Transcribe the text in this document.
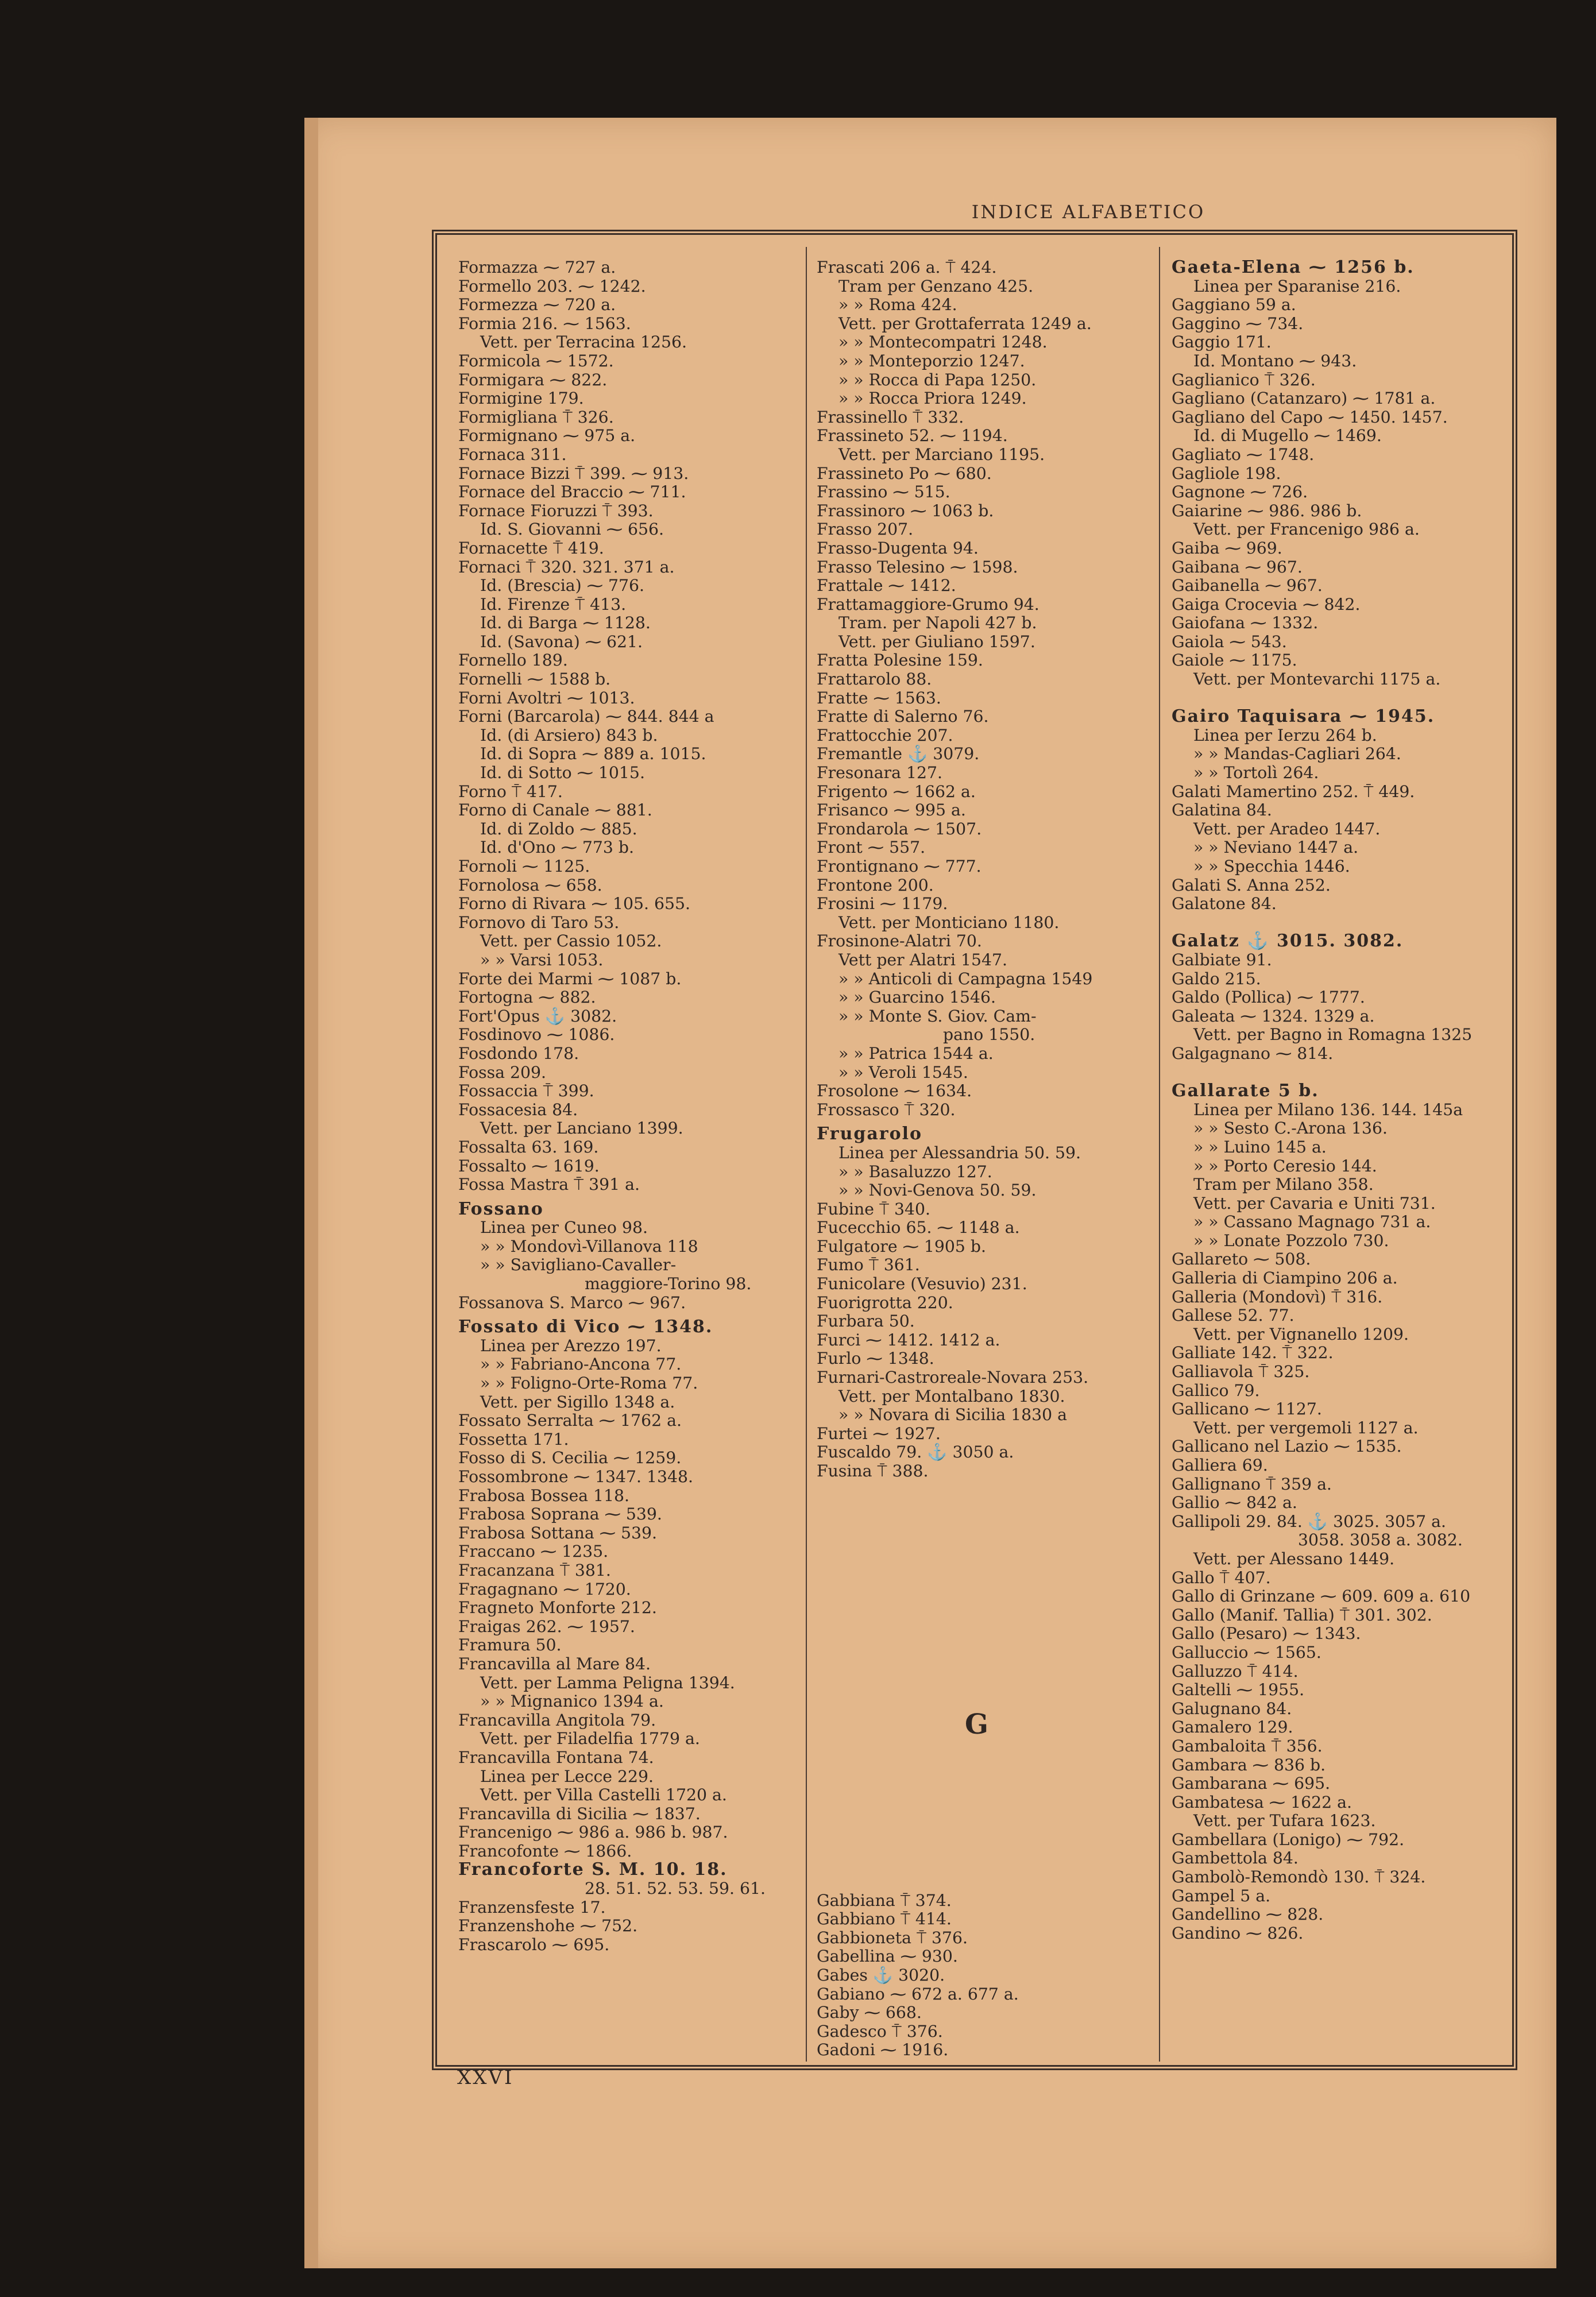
INDICE ALFABETICO
Formazza ⁓ 727 a.
Formello 203. ⁓ 1242.
Formezza ⁓ 720 a.
Formia 216. ⁓ 1563.
Vett. per Terracina 1256.
Formicola ⁓ 1572.
Formigara ⁓ 822.
Formigine 179.
Formigliana ⍑ 326.
Formignano ⁓ 975 a.
Fornaca 311.
Fornace Bizzi ⍑ 399. ⁓ 913.
Fornace del Braccio ⁓ 711.
Fornace Fioruzzi ⍑ 393.
Id. S. Giovanni ⁓ 656.
Fornacette ⍑ 419.
Fornaci ⍑ 320. 321. 371 a.
Id. (Brescia) ⁓ 776.
Id. Firenze ⍑ 413.
Id. di Barga ⁓ 1128.
Id. (Savona) ⁓ 621.
Fornello 189.
Fornelli ⁓ 1588 b.
Forni Avoltri ⁓ 1013.
Forni (Barcarola) ⁓ 844. 844 a
Id. (di Arsiero) 843 b.
Id. di Sopra ⁓ 889 a. 1015.
Id. di Sotto ⁓ 1015.
Forno ⍑ 417.
Forno di Canale ⁓ 881.
Id. di Zoldo ⁓ 885.
Id. d'Ono ⁓ 773 b.
Fornoli ⁓ 1125.
Fornolosa ⁓ 658.
Forno di Rivara ⁓ 105. 655.
Fornovo di Taro 53.
Vett. per Cassio 1052.
» » Varsi 1053.
Forte dei Marmi ⁓ 1087 b.
Fortogna ⁓ 882.
Fort'Opus ⚓ 3082.
Fosdinovo ⁓ 1086.
Fosdondo 178.
Fossa 209.
Fossaccia ⍑ 399.
Fossacesia 84.
Vett. per Lanciano 1399.
Fossalta 63. 169.
Fossalto ⁓ 1619.
Fossa Mastra ⍑ 391 a.
Fossano
Linea per Cuneo 98.
» » Mondovì-Villanova 118
» » Savigliano-Cavaller-
maggiore-Torino 98.
Fossanova S. Marco ⁓ 967.
Fossato di Vico ⁓ 1348.
Linea per Arezzo 197.
» » Fabriano-Ancona 77.
» » Foligno-Orte-Roma 77.
Vett. per Sigillo 1348 a.
Fossato Serralta ⁓ 1762 a.
Fossetta 171.
Fosso di S. Cecilia ⁓ 1259.
Fossombrone ⁓ 1347. 1348.
Frabosa Bossea 118.
Frabosa Soprana ⁓ 539.
Frabosa Sottana ⁓ 539.
Fraccano ⁓ 1235.
Fracanzana ⍑ 381.
Fragagnano ⁓ 1720.
Fragneto Monforte 212.
Fraigas 262. ⁓ 1957.
Framura 50.
Francavilla al Mare 84.
Vett. per Lamma Peligna 1394.
» » Mignanico 1394 a.
Francavilla Angitola 79.
Vett. per Filadelfia 1779 a.
Francavilla Fontana 74.
Linea per Lecce 229.
Vett. per Villa Castelli 1720 a.
Francavilla di Sicilia ⁓ 1837.
Francenigo ⁓ 986 a. 986 b. 987.
Francofonte ⁓ 1866.
Francoforte S. M. 10. 18.
28. 51. 52. 53. 59. 61.
Franzensfeste 17.
Franzenshohe ⁓ 752.
Frascarolo ⁓ 695.
Frascati 206 a. ⍑ 424.
Tram per Genzano 425.
» » Roma 424.
Vett. per Grottaferrata 1249 a.
» » Montecompatri 1248.
» » Monteporzio 1247.
» » Rocca di Papa 1250.
» » Rocca Priora 1249.
Frassinello ⍑ 332.
Frassineto 52. ⁓ 1194.
Vett. per Marciano 1195.
Frassineto Po ⁓ 680.
Frassino ⁓ 515.
Frassinoro ⁓ 1063 b.
Frasso 207.
Frasso-Dugenta 94.
Frasso Telesino ⁓ 1598.
Frattale ⁓ 1412.
Frattamaggiore-Grumo 94.
Tram. per Napoli 427 b.
Vett. per Giuliano 1597.
Fratta Polesine 159.
Frattarolo 88.
Fratte ⁓ 1563.
Fratte di Salerno 76.
Frattocchie 207.
Fremantle ⚓ 3079.
Fresonara 127.
Frigento ⁓ 1662 a.
Frisanco ⁓ 995 a.
Frondarola ⁓ 1507.
Front ⁓ 557.
Frontignano ⁓ 777.
Frontone 200.
Frosini ⁓ 1179.
Vett. per Monticiano 1180.
Frosinone-Alatri 70.
Vett per Alatri 1547.
» » Anticoli di Campagna 1549
» » Guarcino 1546.
» » Monte S. Giov. Cam-
pano 1550.
» » Patrica 1544 a.
» » Veroli 1545.
Frosolone ⁓ 1634.
Frossasco ⍑ 320.
Frugarolo
Linea per Alessandria 50. 59.
» » Basaluzzo 127.
» » Novi-Genova 50. 59.
Fubine ⍑ 340.
Fucecchio 65. ⁓ 1148 a.
Fulgatore ⁓ 1905 b.
Fumo ⍑ 361.
Funicolare (Vesuvio) 231.
Fuorigrotta 220.
Furbara 50.
Furci ⁓ 1412. 1412 a.
Furlo ⁓ 1348.
Furnari-Castroreale-Novara 253.
Vett. per Montalbano 1830.
» » Novara di Sicilia 1830 a
Furtei ⁓ 1927.
Fuscaldo 79. ⚓ 3050 a.
Fusina ⍑ 388.
Gabbiana ⍑ 374.
Gabbiano ⍑ 414.
Gabbioneta ⍑ 376.
Gabellina ⁓ 930.
Gabes ⚓ 3020.
Gabiano ⁓ 672 a. 677 a.
Gaby ⁓ 668.
Gadesco ⍑ 376.
Gadoni ⁓ 1916.
Gaeta-Elena ⁓ 1256 b.
Linea per Sparanise 216.
Gaggiano 59 a.
Gaggino ⁓ 734.
Gaggio 171.
Id. Montano ⁓ 943.
Gaglianico ⍑ 326.
Gagliano (Catanzaro) ⁓ 1781 a.
Gagliano del Capo ⁓ 1450. 1457.
Id. di Mugello ⁓ 1469.
Gagliato ⁓ 1748.
Gagliole 198.
Gagnone ⁓ 726.
Gaiarine ⁓ 986. 986 b.
Vett. per Francenigo 986 a.
Gaiba ⁓ 969.
Gaibana ⁓ 967.
Gaibanella ⁓ 967.
Gaiga Crocevia ⁓ 842.
Gaiofana ⁓ 1332.
Gaiola ⁓ 543.
Gaiole ⁓ 1175.
Vett. per Montevarchi 1175 a.
Gairo Taquisara ⁓ 1945.
Linea per Ierzu 264 b.
» » Mandas-Cagliari 264.
» » Tortolì 264.
Galati Mamertino 252. ⍑ 449.
Galatina 84.
Vett. per Aradeo 1447.
» » Neviano 1447 a.
» » Specchia 1446.
Galati S. Anna 252.
Galatone 84.
Galatz ⚓ 3015. 3082.
Galbiate 91.
Galdo 215.
Galdo (Pollica) ⁓ 1777.
Galeata ⁓ 1324. 1329 a.
Vett. per Bagno in Romagna 1325
Galgagnano ⁓ 814.
Gallarate 5 b.
Linea per Milano 136. 144. 145a
» » Sesto C.-Arona 136.
» » Luino 145 a.
» » Porto Ceresio 144.
Tram per Milano 358.
Vett. per Cavaria e Uniti 731.
» » Cassano Magnago 731 a.
» » Lonate Pozzolo 730.
Gallareto ⁓ 508.
Galleria di Ciampino 206 a.
Galleria (Mondovì) ⍑ 316.
Gallese 52. 77.
Vett. per Vignanello 1209.
Galliate 142. ⍑ 322.
Galliavola ⍑ 325.
Gallico 79.
Gallicano ⁓ 1127.
Vett. per vergemoli 1127 a.
Gallicano nel Lazio ⁓ 1535.
Galliera 69.
Gallignano ⍑ 359 a.
Gallio ⁓ 842 a.
Gallipoli 29. 84. ⚓ 3025. 3057 a.
3058. 3058 a. 3082.
Vett. per Alessano 1449.
Gallo ⍑ 407.
Gallo di Grinzane ⁓ 609. 609 a. 610
Gallo (Manif. Tallia) ⍑ 301. 302.
Gallo (Pesaro) ⁓ 1343.
Galluccio ⁓ 1565.
Galluzzo ⍑ 414.
Galtelli ⁓ 1955.
Galugnano 84.
Gamalero 129.
Gambaloita ⍑ 356.
Gambara ⁓ 836 b.
Gambarana ⁓ 695.
Gambatesa ⁓ 1622 a.
Vett. per Tufara 1623.
Gambellara (Lonigo) ⁓ 792.
Gambettola 84.
Gambolò-Remondò 130. ⍑ 324.
Gampel 5 a.
Gandellino ⁓ 828.
Gandino ⁓ 826.
G
XXVI
